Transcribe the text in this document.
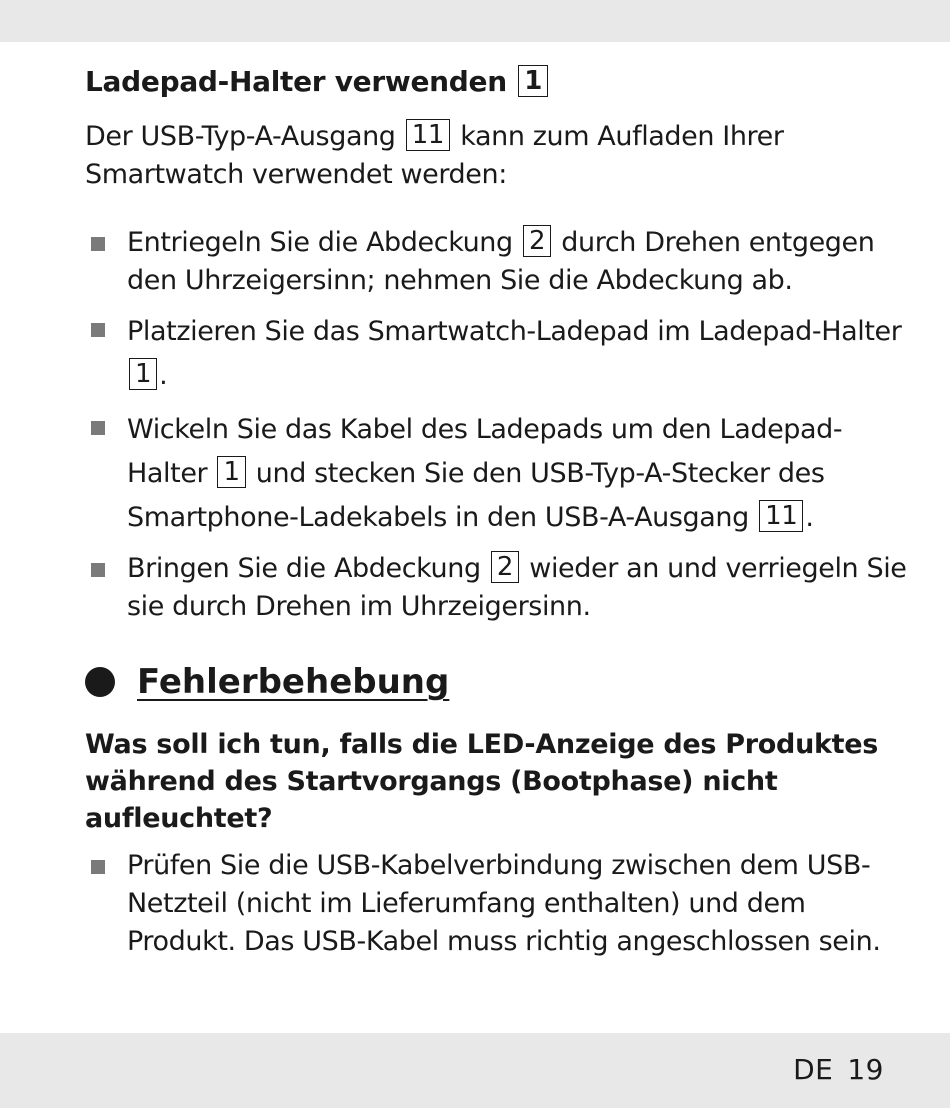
Ladepad-Halter verwenden 1

Der USB-Typ-A-Ausgang 11 kann zum Aufladen Ihrer Smartwatch verwendet werden:

Entriegeln Sie die Abdeckung 2 durch Drehen entgegen den Uhrzeigersinn; nehmen Sie die Abdeckung ab.
Platzieren Sie das Smartwatch-Ladepad im Ladepad-Halter 1 .
Wickeln Sie das Kabel des Ladepads um den Ladepad-Halter 1 und stecken Sie den USB-Typ-A-Stecker des Smartphone-Ladekabels in den USB-A-Ausgang 11 .
Bringen Sie die Abdeckung 2 wieder an und verriegeln Sie sie durch Drehen im Uhrzeigersinn.
Fehlerbehebung
Was soll ich tun, falls die LED-Anzeige des Produktes während des Startvorgangs (Bootphase) nicht aufleuchtet?
Prüfen Sie die USB-Kabelverbindung zwischen dem USB-Netzteil (nicht im Lieferumfang enthalten) und dem Produkt. Das USB-Kabel muss richtig angeschlossen sein.
DE 19
